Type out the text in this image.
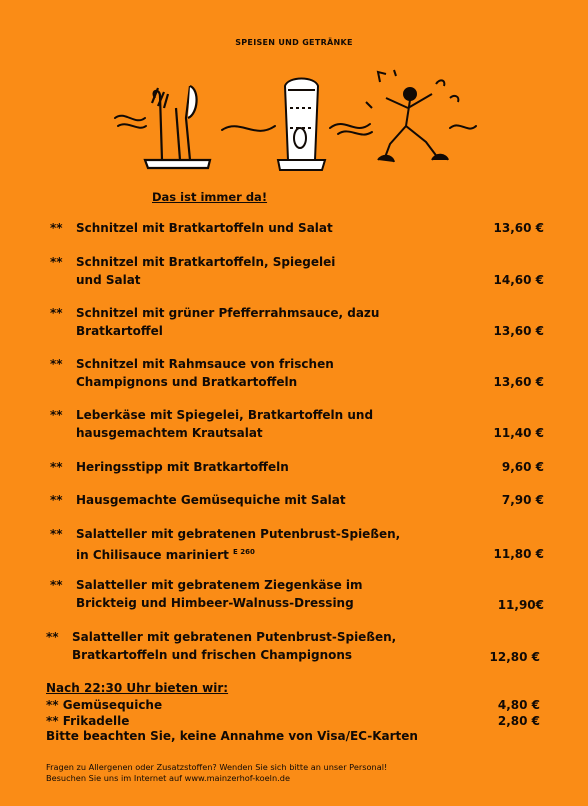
SPEISEN UND GETRÄNKE
Das ist immer da!
** Schnitzel mit Bratkartoffeln und Salat	13,60 €
** Schnitzel mit Bratkartoffeln, Spiegelei
und Salat	14,60 €
** Schnitzel mit grüner Pfefferrahmsauce, dazu
Bratkartoffel	13,60 €
** Schnitzel mit Rahmsauce von frischen
Champignons und Bratkartoffeln	13,60 €
** Leberkäse mit Spiegelei, Bratkartoffeln und
hausgemachtem Krautsalat	11,40 €
** Heringsstipp mit Bratkartoffeln	9,60 €
** Hausgemachte Gemüsequiche mit Salat	7,90 €
** Salatteller mit gebratenen Putenbrust-Spießen,
in Chilisauce mariniert $^{E 260}$	11,80 €
** Salatteller mit gebratenem Ziegenkäse im
Brickteig und Himbeer-Walnuss-Dressing	11,90€
** Salatteller mit gebratenen Putenbrust-Spießen,
Bratkartoffeln und frischen Champignons	12,80 €
Nach 22:30 Uhr bieten wir:
** Gemüsequiche	4,80 €
** Frikadelle	2,80 €
Bitte beachten Sie, keine Annahme von Visa/EC-Karten
Fragen zu Allergenen oder Zusatzstoffen? Wenden Sie sich bitte an unser Personal!
Besuchen Sie uns im Internet auf www.mainzerhof-koeln.de
